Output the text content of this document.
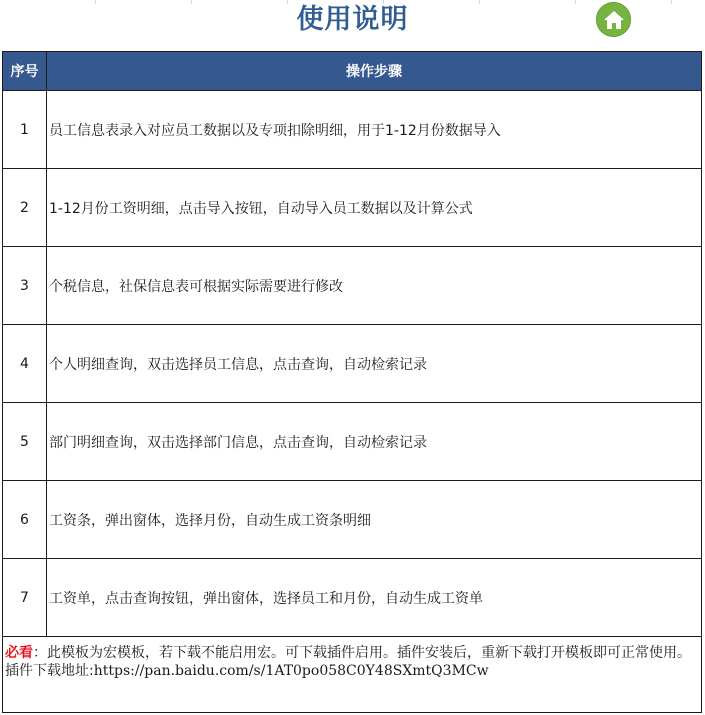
使用说明
序号	操作步骤
1	员工信息表录入对应员工数据以及专项扣除明细，用于1-12月份数据导入
2	1-12月份工资明细，点击导入按钮，自动导入员工数据以及计算公式
3	个税信息，社保信息表可根据实际需要进行修改
4	个人明细查询，双击选择员工信息，点击查询，自动检索记录
5	部门明细查询，双击选择部门信息，点击查询，自动检索记录
6	工资条，弹出窗体，选择月份，自动生成工资条明细
7	工资单，点击查询按钮，弹出窗体，选择员工和月份，自动生成工资单
必看：此模板为宏模板，若下载不能启用宏。可下载插件启用。插件安装后，重新下载打开模板即可正常使用。
插件下载地址:https://pan.baidu.com/s/1AT0po058C0Y48SXmtQ3MCw
